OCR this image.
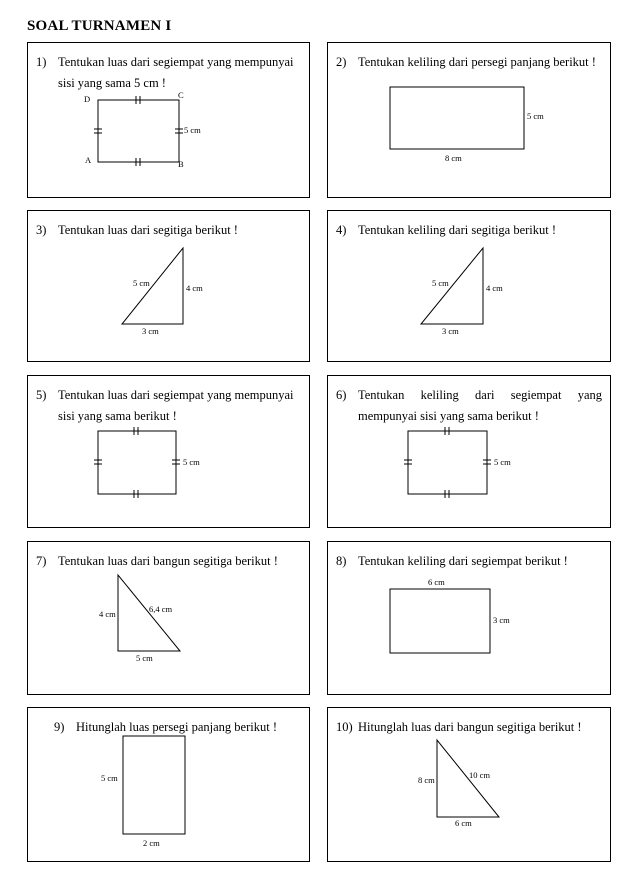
SOAL TURNAMEN I
1) Tentukan luas dari segiempat yang mempunyai

sisi yang sama 5 cm !
D	C
A	B
5 cm
2) Tentukan keliling dari persegi panjang berikut !
8 cm
5 cm
3) Tentukan luas dari segitiga berikut !
5 cm	4 cm
3 cm
4) Tentukan keliling dari segitiga berikut !
5 cm	4 cm
3 cm
5) Tentukan luas dari segiempat yang mempunyai

sisi yang sama berikut !
5 cm
6) Tentukan keliling dari segiempat yang
mempunyai sisi yang sama berikut !
5 cm
7) Tentukan luas dari bangun segitiga berikut !
6,4 cm
4 cm
5 cm
8) Tentukan keliling dari segiempat berikut !
6 cm
3 cm
9) Hitunglah luas persegi panjang berikut !
5 cm
2 cm
10) Hitunglah luas dari bangun segitiga berikut !
10 cm
8 cm
6 cm
